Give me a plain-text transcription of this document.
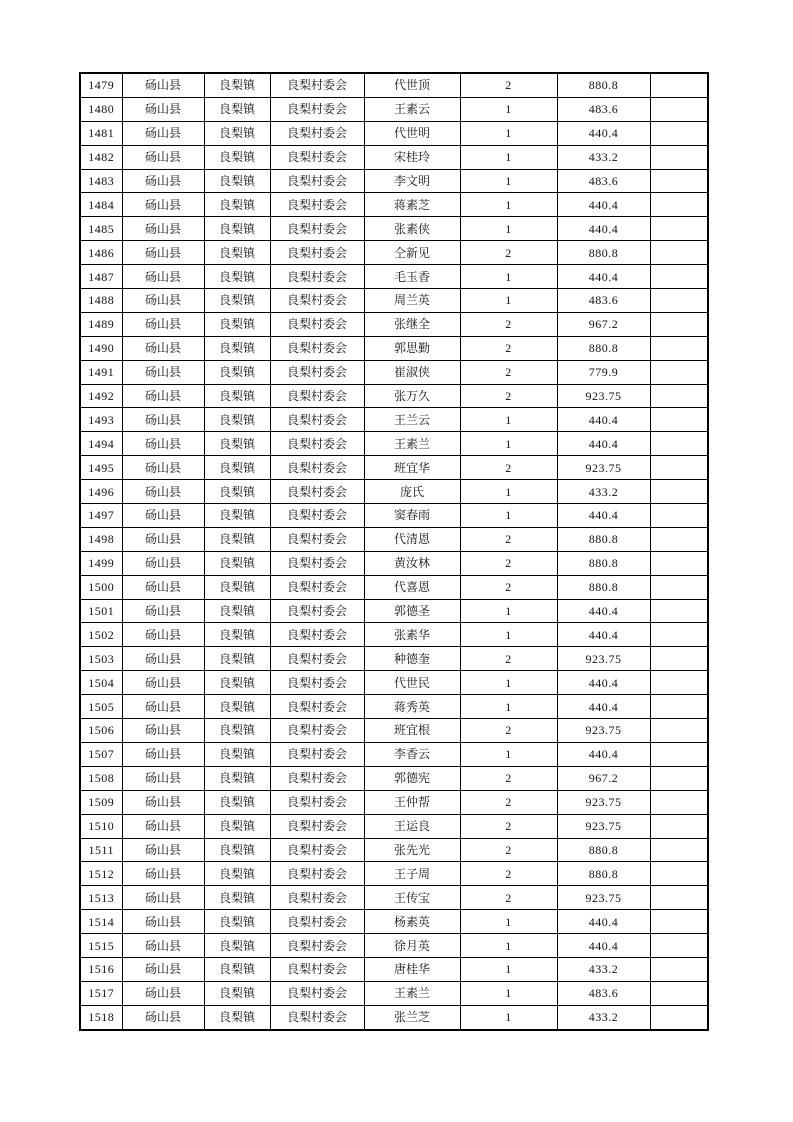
1479	砀山县	良梨镇	良梨村委会	代世顶	2	880.8	
1480	砀山县	良梨镇	良梨村委会	王素云	1	483.6	
1481	砀山县	良梨镇	良梨村委会	代世明	1	440.4	
1482	砀山县	良梨镇	良梨村委会	宋桂玲	1	433.2	
1483	砀山县	良梨镇	良梨村委会	李文明	1	483.6	
1484	砀山县	良梨镇	良梨村委会	蒋素芝	1	440.4	
1485	砀山县	良梨镇	良梨村委会	张素侠	1	440.4	
1486	砀山县	良梨镇	良梨村委会	仝新见	2	880.8	
1487	砀山县	良梨镇	良梨村委会	毛玉香	1	440.4	
1488	砀山县	良梨镇	良梨村委会	周兰英	1	483.6	
1489	砀山县	良梨镇	良梨村委会	张继全	2	967.2	
1490	砀山县	良梨镇	良梨村委会	郭思勤	2	880.8	
1491	砀山县	良梨镇	良梨村委会	崔淑侠	2	779.9	
1492	砀山县	良梨镇	良梨村委会	张万久	2	923.75	
1493	砀山县	良梨镇	良梨村委会	王兰云	1	440.4	
1494	砀山县	良梨镇	良梨村委会	王素兰	1	440.4	
1495	砀山县	良梨镇	良梨村委会	班宜华	2	923.75	
1496	砀山县	良梨镇	良梨村委会	庞氏	1	433.2	
1497	砀山县	良梨镇	良梨村委会	窦春雨	1	440.4	
1498	砀山县	良梨镇	良梨村委会	代清恩	2	880.8	
1499	砀山县	良梨镇	良梨村委会	黄汝林	2	880.8	
1500	砀山县	良梨镇	良梨村委会	代喜恩	2	880.8	
1501	砀山县	良梨镇	良梨村委会	郭德圣	1	440.4	
1502	砀山县	良梨镇	良梨村委会	张素华	1	440.4	
1503	砀山县	良梨镇	良梨村委会	种德奎	2	923.75	
1504	砀山县	良梨镇	良梨村委会	代世民	1	440.4	
1505	砀山县	良梨镇	良梨村委会	蒋秀英	1	440.4	
1506	砀山县	良梨镇	良梨村委会	班宜根	2	923.75	
1507	砀山县	良梨镇	良梨村委会	李香云	1	440.4	
1508	砀山县	良梨镇	良梨村委会	郭德宪	2	967.2	
1509	砀山县	良梨镇	良梨村委会	王仲帮	2	923.75	
1510	砀山县	良梨镇	良梨村委会	王运良	2	923.75	
1511	砀山县	良梨镇	良梨村委会	张先光	2	880.8	
1512	砀山县	良梨镇	良梨村委会	王子周	2	880.8	
1513	砀山县	良梨镇	良梨村委会	王传宝	2	923.75	
1514	砀山县	良梨镇	良梨村委会	杨素英	1	440.4	
1515	砀山县	良梨镇	良梨村委会	徐月英	1	440.4	
1516	砀山县	良梨镇	良梨村委会	唐桂华	1	433.2	
1517	砀山县	良梨镇	良梨村委会	王素兰	1	483.6	
1518	砀山县	良梨镇	良梨村委会	张兰芝	1	433.2	
